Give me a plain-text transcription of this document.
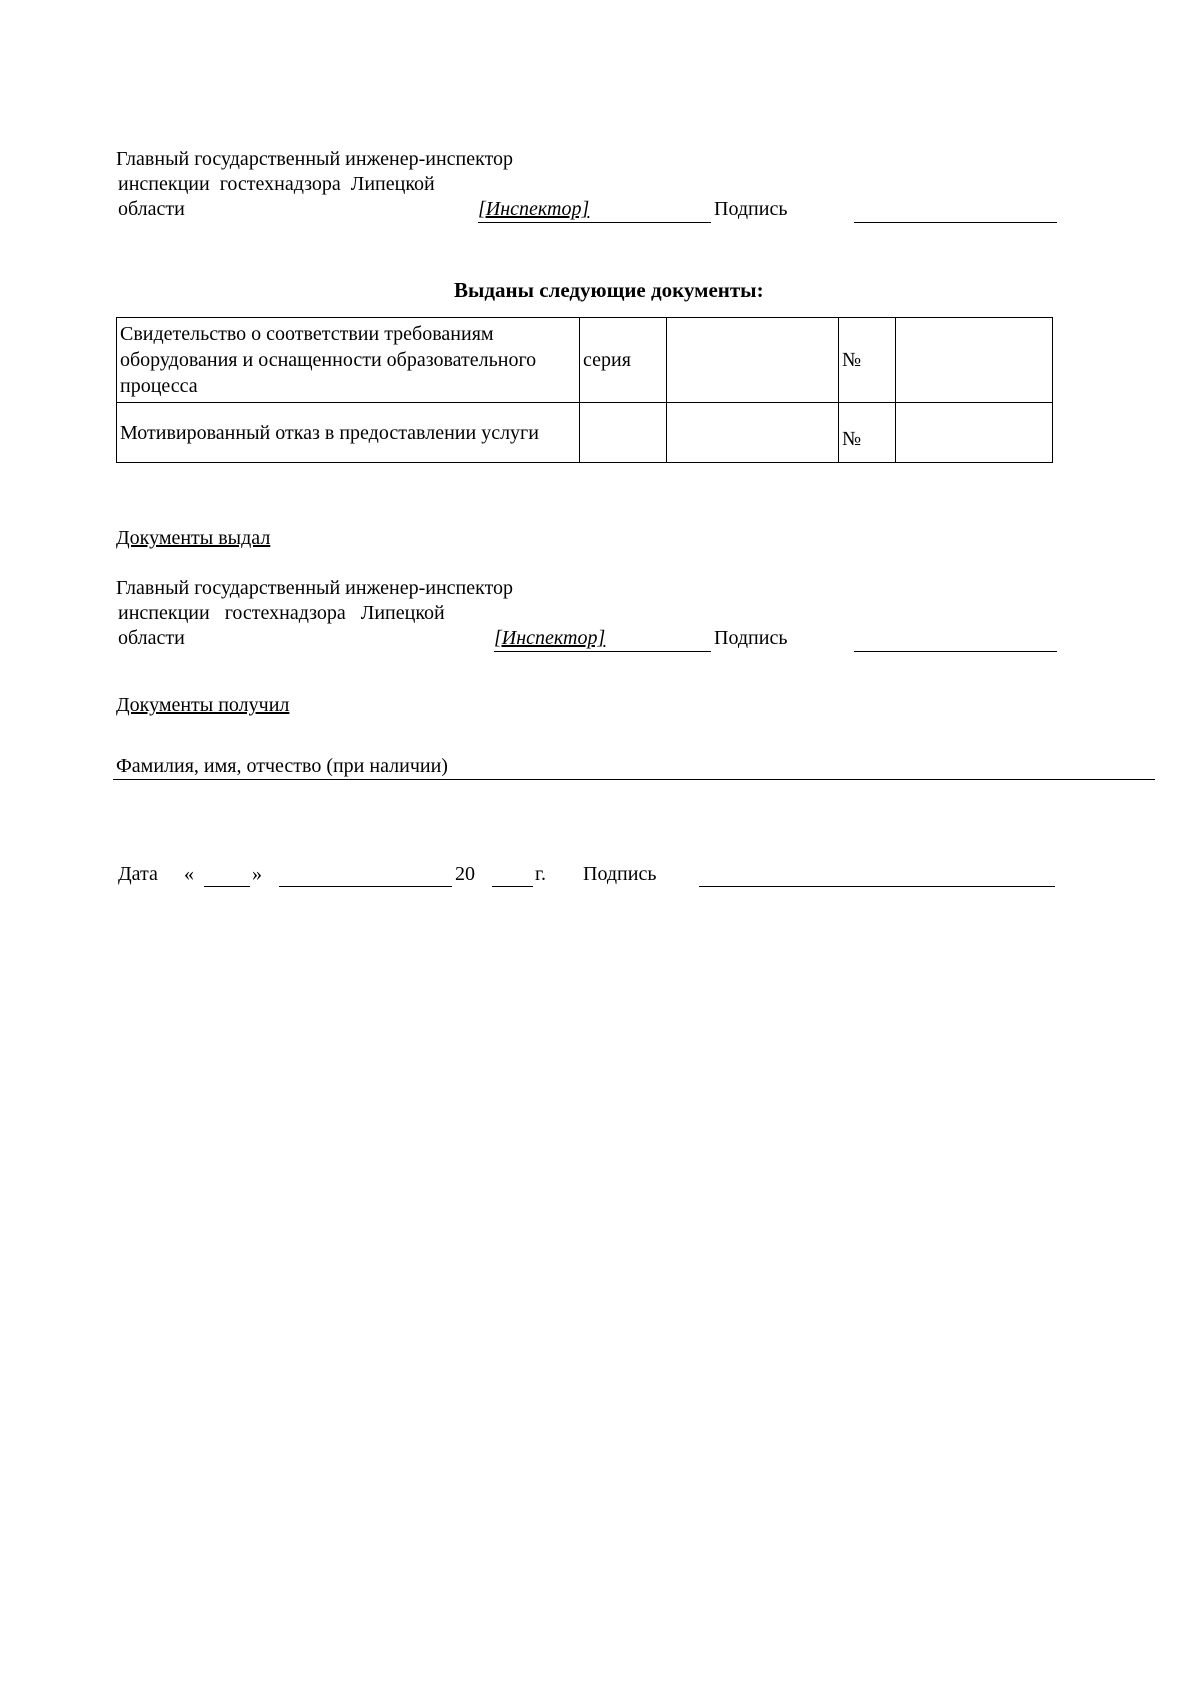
Главный государственный инженер-инспектор
инспекции  гостехнадзора  Липецкой
области	[Инспектор]	Подпись
Выданы следующие документы:
Свидетельство о соответствии требованиям оборудования и оснащенности образовательного процесса	серия		№	
Мотивированный отказ в предоставлении услуги			№	
Документы выдал
Главный государственный инженер-инспектор
инспекции   гостехнадзора   Липецкой
области	[Инспектор]	Подпись
Документы получил
Фамилия, имя, отчество (при наличии)
Дата «	»	20	г. Подпись
